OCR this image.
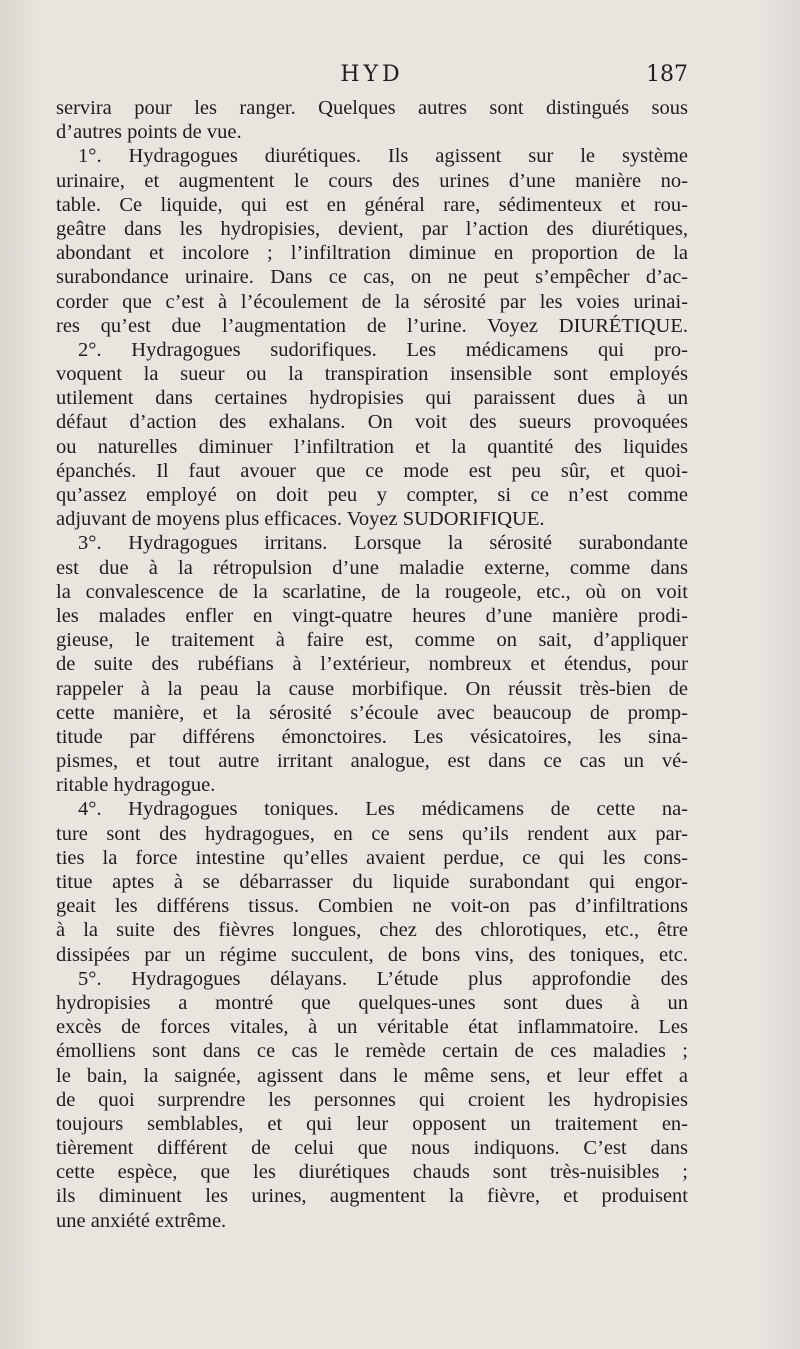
HYD	187
servira pour les ranger. Quelques autres sont distingués sous
d’autres points de vue.
1°. Hydragogues diurétiques. Ils agissent sur le système
urinaire, et augmentent le cours des urines d’une manière no-
table. Ce liquide, qui est en général rare, sédimenteux et rou-
geâtre dans les hydropisies, devient, par l’action des diurétiques,
abondant et incolore ; l’infiltration diminue en proportion de la
surabondance urinaire. Dans ce cas, on ne peut s’empêcher d’ac-
corder que c’est à l’écoulement de la sérosité par les voies urinai-
res qu’est due l’augmentation de l’urine. Voyez DIURÉTIQUE.
2°. Hydragogues sudorifiques. Les médicamens qui pro-
voquent la sueur ou la transpiration insensible sont employés
utilement dans certaines hydropisies qui paraissent dues à un
défaut d’action des exhalans. On voit des sueurs provoquées
ou naturelles diminuer l’infiltration et la quantité des liquides
épanchés. Il faut avouer que ce mode est peu sûr, et quoi-
qu’assez employé on doit peu y compter, si ce n’est comme
adjuvant de moyens plus efficaces. Voyez SUDORIFIQUE.
3°. Hydragogues irritans. Lorsque la sérosité surabondante
est due à la rétropulsion d’une maladie externe, comme dans
la convalescence de la scarlatine, de la rougeole, etc., où on voit
les malades enfler en vingt-quatre heures d’une manière prodi-
gieuse, le traitement à faire est, comme on sait, d’appliquer
de suite des rubéfians à l’extérieur, nombreux et étendus, pour
rappeler à la peau la cause morbifique. On réussit très-bien de
cette manière, et la sérosité s’écoule avec beaucoup de promp-
titude par différens émonctoires. Les vésicatoires, les sina-
pismes, et tout autre irritant analogue, est dans ce cas un vé-
ritable hydragogue.
4°. Hydragogues toniques. Les médicamens de cette na-
ture sont des hydragogues, en ce sens qu’ils rendent aux par-
ties la force intestine qu’elles avaient perdue, ce qui les cons-
titue aptes à se débarrasser du liquide surabondant qui engor-
geait les différens tissus. Combien ne voit-on pas d’infiltrations
à la suite des fièvres longues, chez des chlorotiques, etc., être
dissipées par un régime succulent, de bons vins, des toniques, etc.
5°. Hydragogues délayans. L’étude plus approfondie des
hydropisies a montré que quelques-unes sont dues à un
excès de forces vitales, à un véritable état inflammatoire. Les
émolliens sont dans ce cas le remède certain de ces maladies ;
le bain, la saignée, agissent dans le même sens, et leur effet a
de quoi surprendre les personnes qui croient les hydropisies
toujours semblables, et qui leur opposent un traitement en-
tièrement différent de celui que nous indiquons. C’est dans
cette espèce, que les diurétiques chauds sont très-nuisibles ;
ils diminuent les urines, augmentent la fièvre, et produisent
une anxiété extrême.
